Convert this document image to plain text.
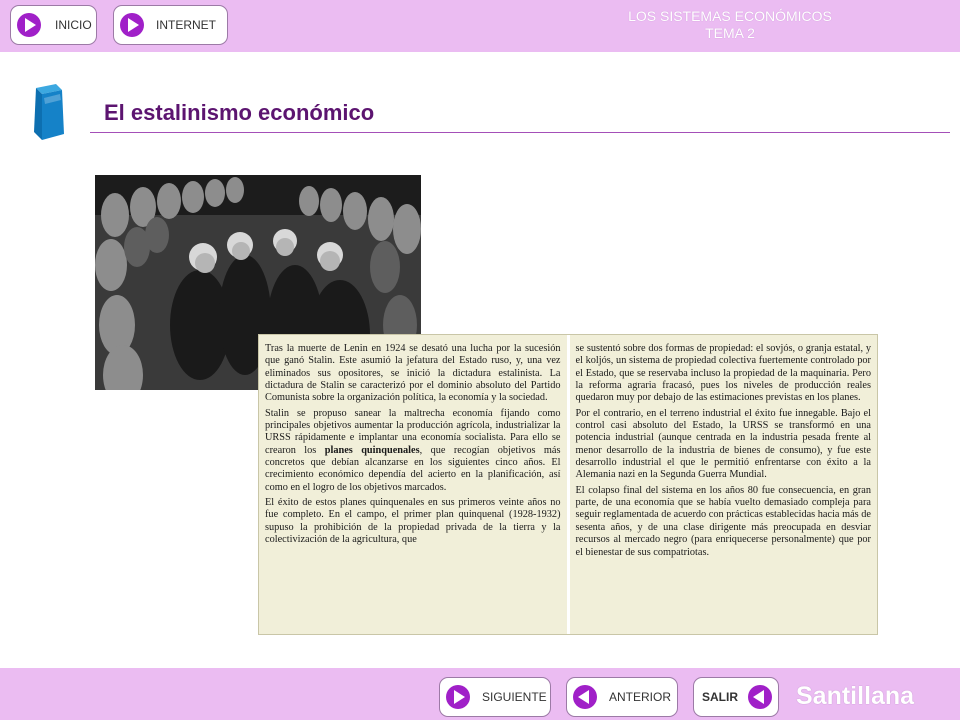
INICIO	INTERNET
LOS SISTEMAS ECONÓMICOS
TEMA 2
El estalinismo económico

Tras la muerte de Lenin en 1924 se desató una lucha por la sucesión que ganó Stalin. Este asumió la jefatura del Estado ruso, y, una vez eliminados sus opositores, se inició la dictadura estalinista. La dictadura de Stalin se caracterizó por el dominio absoluto del Partido Comunista sobre la organización política, la economía y la sociedad.

Stalin se propuso sanear la maltrecha economía fijando como principales objetivos aumentar la producción agrícola, industrializar la URSS rápidamente e implantar una economía socialista. Para ello se crearon los planes quinquenales, que recogían objetivos más concretos que debían alcanzarse en los siguientes cinco años. El crecimiento económico dependía del acierto en la planificación, así como en el logro de los objetivos marcados.

El éxito de estos planes quinquenales en sus primeros veinte años no fue completo. En el campo, el primer plan quinquenal (1928-1932) supuso la prohibición de la propiedad privada de la tierra y la colectivización de la agricultura, que

se sustentó sobre dos formas de propiedad: el sovjós, o granja estatal, y el koljós, un sistema de propiedad colectiva fuertemente controlado por el Estado, que se reservaba incluso la propiedad de la maquinaria. Pero la reforma agraria fracasó, pues los niveles de producción reales quedaron muy por debajo de las estimaciones previstas en los planes.

Por el contrario, en el terreno industrial el éxito fue innegable. Bajo el control casi absoluto del Estado, la URSS se transformó en una potencia industrial (aunque centrada en la industria pesada frente al menor desarrollo de la industria de bienes de consumo), y fue este desarrollo industrial el que le permitió enfrentarse con éxito a la Alemania nazi en la Segunda Guerra Mundial.

El colapso final del sistema en los años 80 fue consecuencia, en gran parte, de una economía que se había vuelto demasiado compleja para seguir reglamentada de acuerdo con prácticas establecidas hacia más de sesenta años, y de una clase dirigente más preocupada en desviar recursos al mercado negro (para enriquecerse personalmente) que por el bienestar de sus compatriotas.

SIGUIENTE	ANTERIOR	SALIR Santillana
